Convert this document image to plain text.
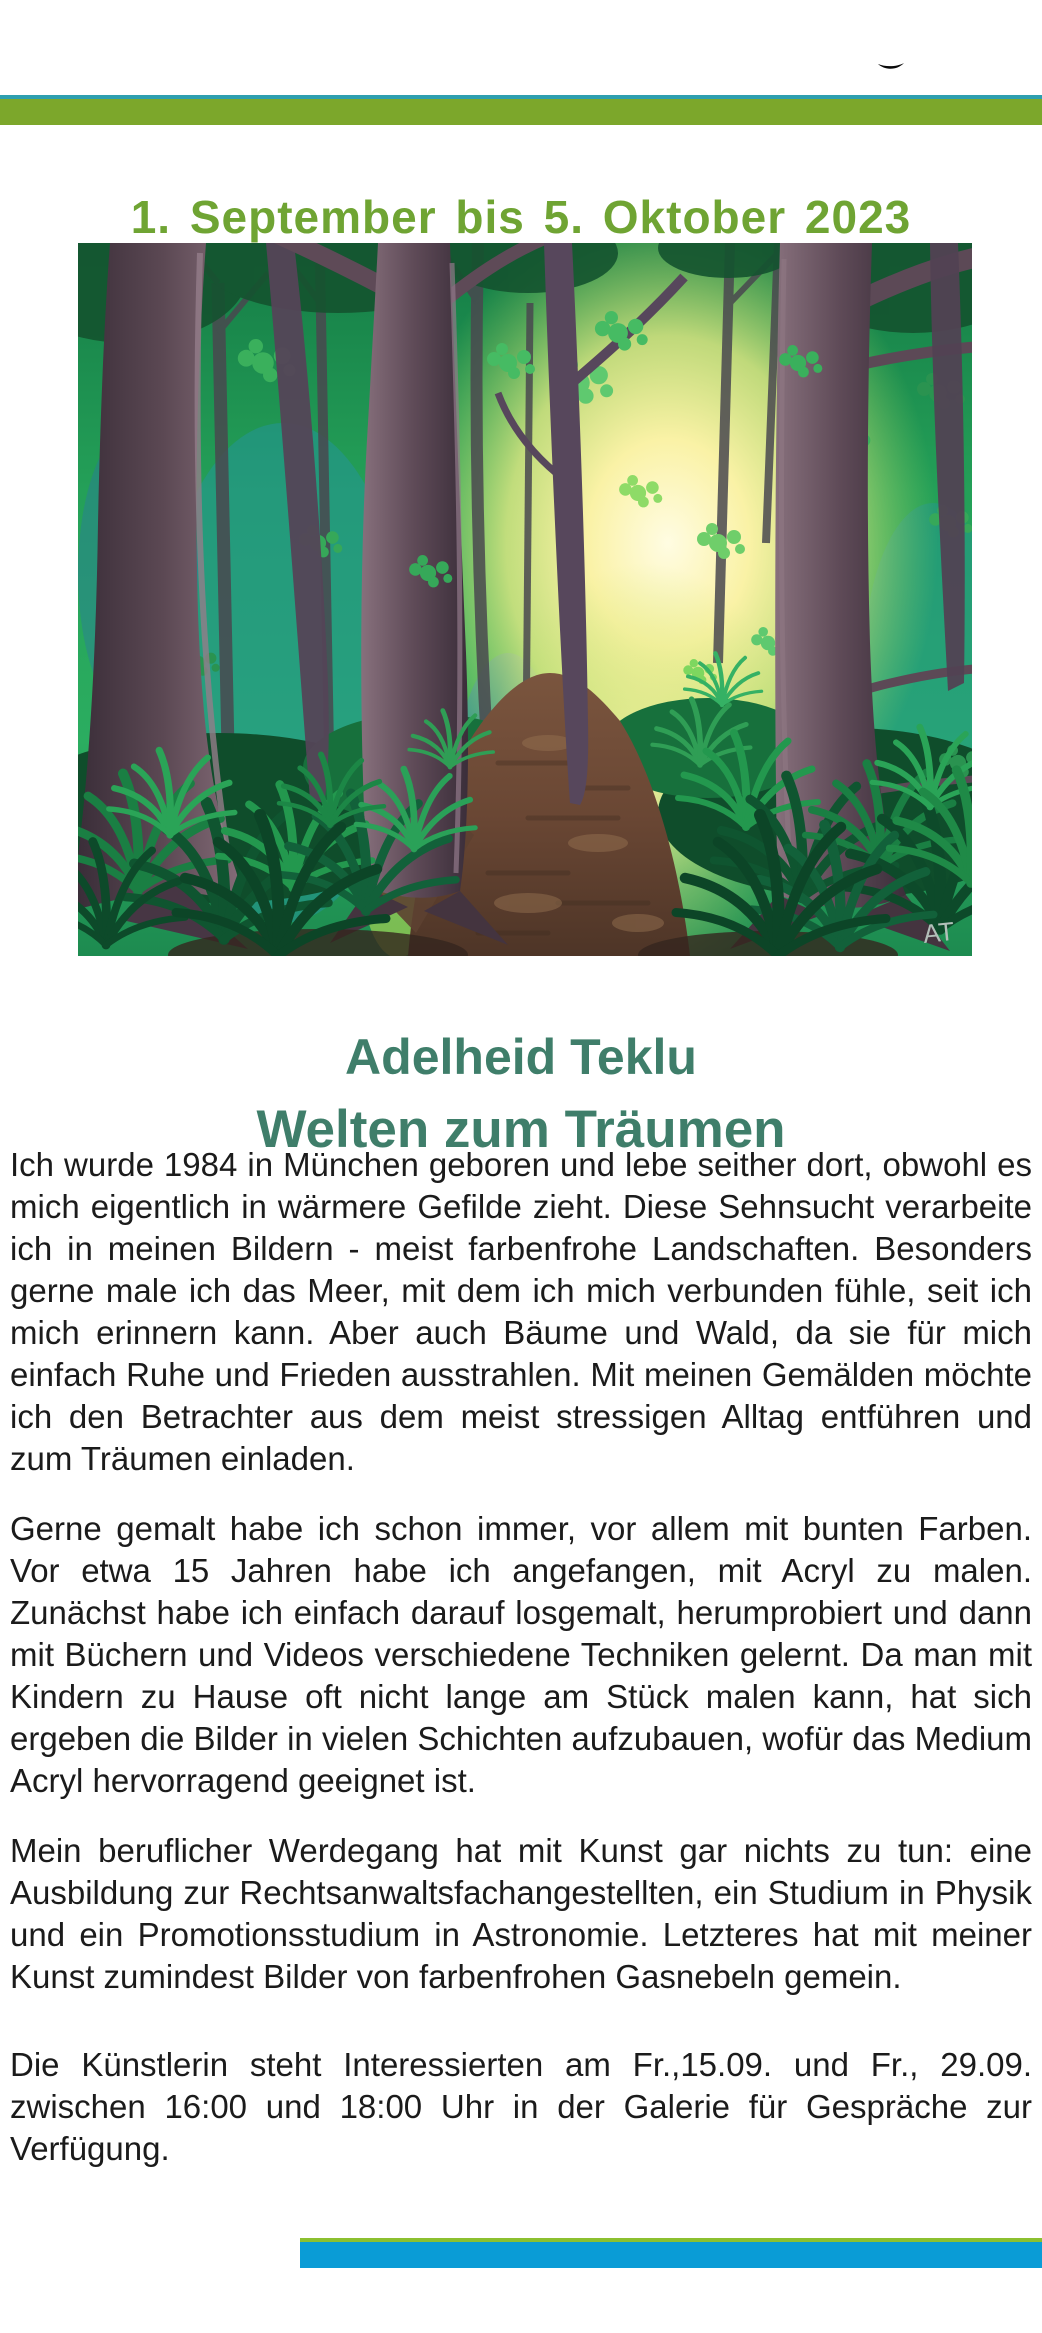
1. September bis 5. Oktober 2023
AT
Adelheid Teklu
Welten zum Träumen

Ich wurde 1984 in München geboren und lebe seither dort, obwohl es mich eigentlich in wärmere Gefilde zieht. Diese Sehnsucht verarbeite ich in meinen Bildern - meist farbenfrohe Landschaften. Besonders gerne male ich das Meer, mit dem ich mich verbunden fühle, seit ich mich erinnern kann. Aber auch Bäume und Wald, da sie für mich einfach Ruhe und Frieden ausstrahlen. Mit meinen Gemälden möchte ich den Betrachter aus dem meist stressigen Alltag entführen und zum Träumen einladen.

Gerne gemalt habe ich schon immer, vor allem mit bunten Farben. Vor etwa 15 Jahren habe ich angefangen, mit Acryl zu malen. Zunächst habe ich einfach darauf losgemalt, herumprobiert und dann mit Büchern und Videos verschiedene Techniken gelernt. Da man mit Kindern zu Hause oft nicht lange am Stück malen kann, hat sich ergeben die Bilder in vielen Schichten aufzubauen, wofür das Medium Acryl hervorragend geeignet ist.

Mein beruflicher Werdegang hat mit Kunst gar nichts zu tun: eine Ausbildung zur Rechtsanwaltsfachangestellten, ein Studium in Physik und ein Promotionsstudium in Astronomie. Letzteres hat mit meiner Kunst zumindest Bilder von farbenfrohen Gasnebeln gemein.

Die Künstlerin steht Interessierten am Fr.,15.09. und Fr., 29.09. zwischen 16:00 und 18:00 Uhr in der Galerie für Gespräche zur Verfügung.
